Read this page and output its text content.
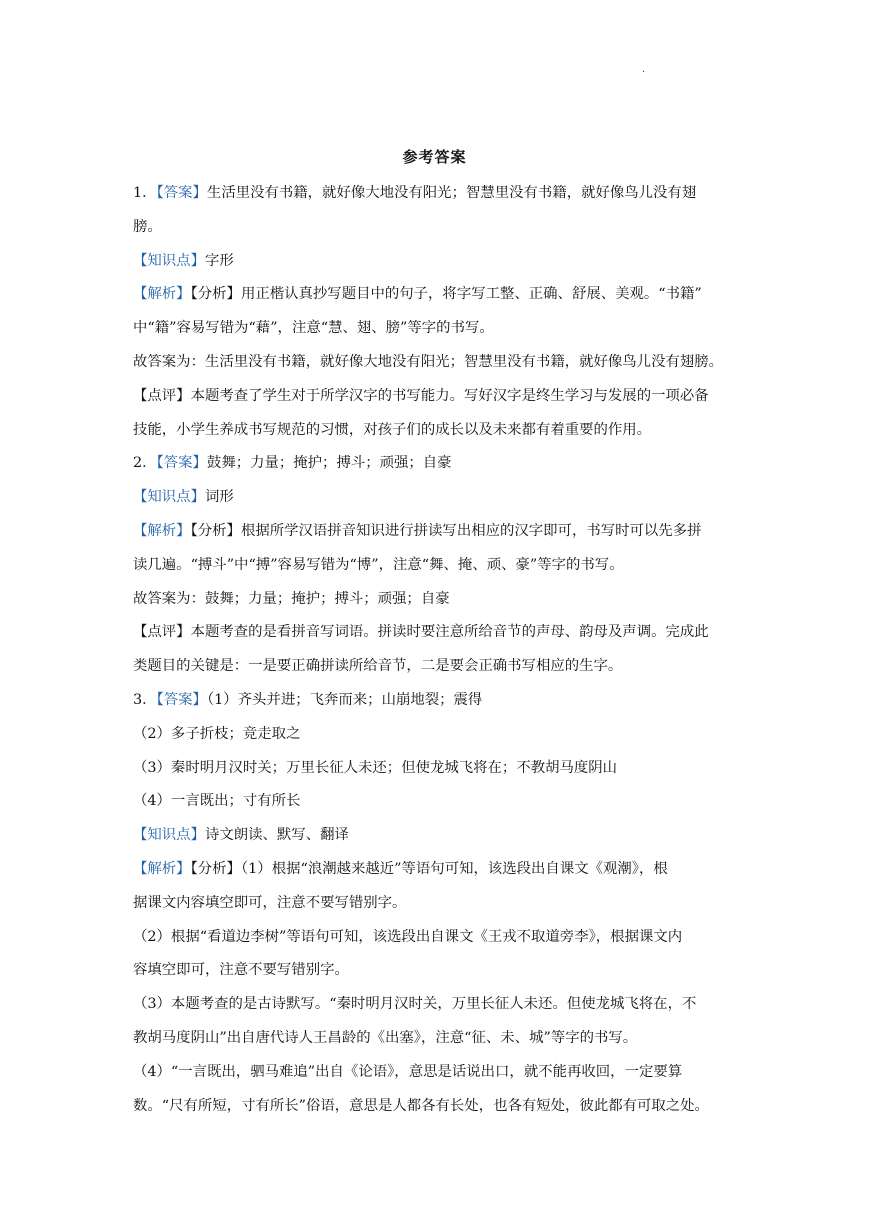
.
参考答案
1．【答案】生活里没有书籍，就好像大地没有阳光；智慧里没有书籍，就好像鸟儿没有翅
膀。
【知识点】字形
【解析】【分析】用正楷认真抄写题目中的句子，将字写工整、正确、舒展、美观。“书籍”
中“籍”容易写错为“藉”，注意“慧、翅、膀”等字的书写。
故答案为：生活里没有书籍，就好像大地没有阳光；智慧里没有书籍，就好像鸟儿没有翅膀。
【点评】本题考查了学生对于所学汉字的书写能力。写好汉字是终生学习与发展的一项必备
技能，小学生养成书写规范的习惯，对孩子们的成长以及未来都有着重要的作用。
2．【答案】鼓舞；力量；掩护；搏斗；顽强；自豪
【知识点】词形
【解析】【分析】根据所学汉语拼音知识进行拼读写出相应的汉字即可，书写时可以先多拼
读几遍。“搏斗”中“搏”容易写错为“博”，注意“舞、掩、顽、豪”等字的书写。
故答案为：鼓舞；力量；掩护；搏斗；顽强；自豪
【点评】本题考查的是看拼音写词语。拼读时要注意所给音节的声母、韵母及声调。完成此
类题目的关键是：一是要正确拼读所给音节，二是要会正确书写相应的生字。
3．【答案】（1）齐头并进；飞奔而来；山崩地裂；震得
（2）多子折枝；竞走取之
（3）秦时明月汉时关；万里长征人未还；但使龙城飞将在；不教胡马度阴山
（4）一言既出；寸有所长
【知识点】诗文朗读、默写、翻译
【解析】【分析】（1）根据“浪潮越来越近”等语句可知，该选段出自课文《观潮》，根
据课文内容填空即可，注意不要写错别字。
（2）根据“看道边李树”等语句可知，该选段出自课文《王戎不取道旁李》，根据课文内
容填空即可，注意不要写错别字。
（3）本题考查的是古诗默写。“秦时明月汉时关，万里长征人未还。但使龙城飞将在，不
教胡马度阴山”出自唐代诗人王昌龄的《出塞》，注意“征、未、城”等字的书写。
（4）“一言既出，驷马难追”出自《论语》，意思是话说出口，就不能再收回，一定要算
数。“尺有所短，寸有所长”俗语，意思是人都各有长处，也各有短处，彼此都有可取之处。
